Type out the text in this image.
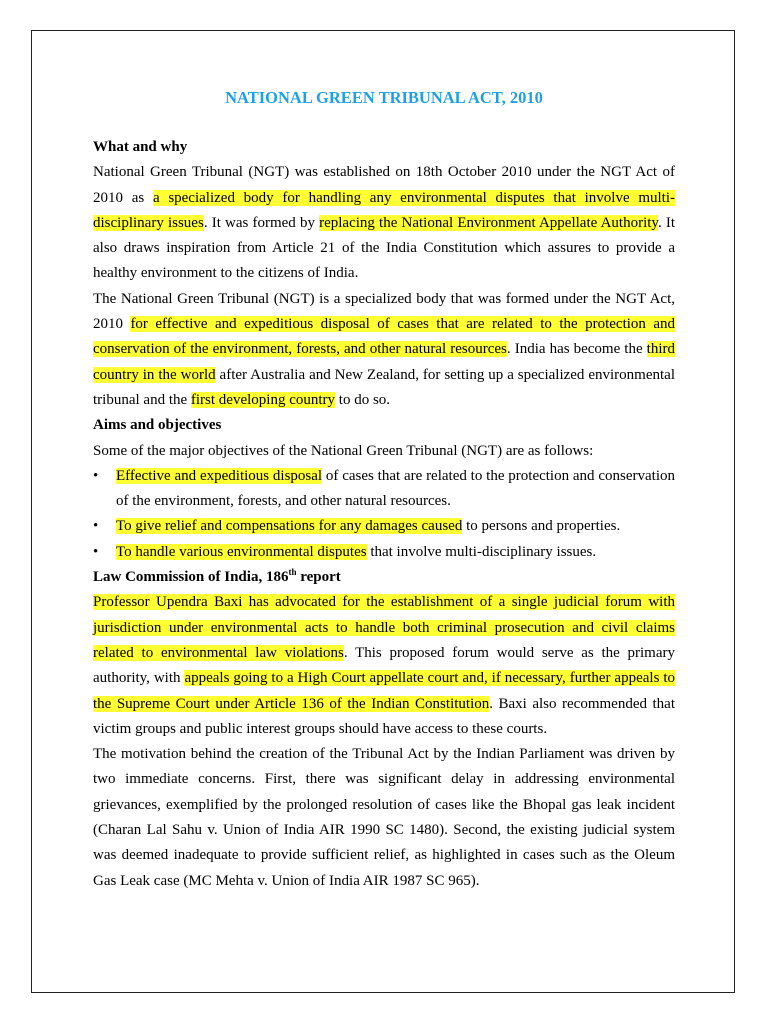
NATIONAL GREEN TRIBUNAL ACT, 2010
What and why

National Green Tribunal (NGT) was established on 18th October 2010 under the NGT Act of 2010 as a specialized body for handling any environmental disputes that involve multi-disciplinary issues. It was formed by replacing the National Environment Appellate Authority. It also draws inspiration from Article 21 of the India Constitution which assures to provide a healthy environment to the citizens of India.

The National Green Tribunal (NGT) is a specialized body that was formed under the NGT Act, 2010 for effective and expeditious disposal of cases that are related to the protection and conservation of the environment, forests, and other natural resources. India has become the third country in the world after Australia and New Zealand, for setting up a specialized environmental tribunal and the first developing country to do so.

Aims and objectives

Some of the major objectives of the National Green Tribunal (NGT) are as follows:

•	Effective and expeditious disposal of cases that are related to the protection and conservation of the environment, forests, and other natural resources.
•	To give relief and compensations for any damages caused to persons and properties.
•	To handle various environmental disputes that involve multi-disciplinary issues.
Law Commission of India, 186th report

Professor Upendra Baxi has advocated for the establishment of a single judicial forum with jurisdiction under environmental acts to handle both criminal prosecution and civil claims related to environmental law violations. This proposed forum would serve as the primary authority, with appeals going to a High Court appellate court and, if necessary, further appeals to the Supreme Court under Article 136 of the Indian Constitution. Baxi also recommended that victim groups and public interest groups should have access to these courts.

The motivation behind the creation of the Tribunal Act by the Indian Parliament was driven by two immediate concerns. First, there was significant delay in addressing environmental grievances, exemplified by the prolonged resolution of cases like the Bhopal gas leak incident (Charan Lal Sahu v. Union of India AIR 1990 SC 1480). Second, the existing judicial system was deemed inadequate to provide sufficient relief, as highlighted in cases such as the Oleum Gas Leak case (MC Mehta v. Union of India AIR 1987 SC 965).
